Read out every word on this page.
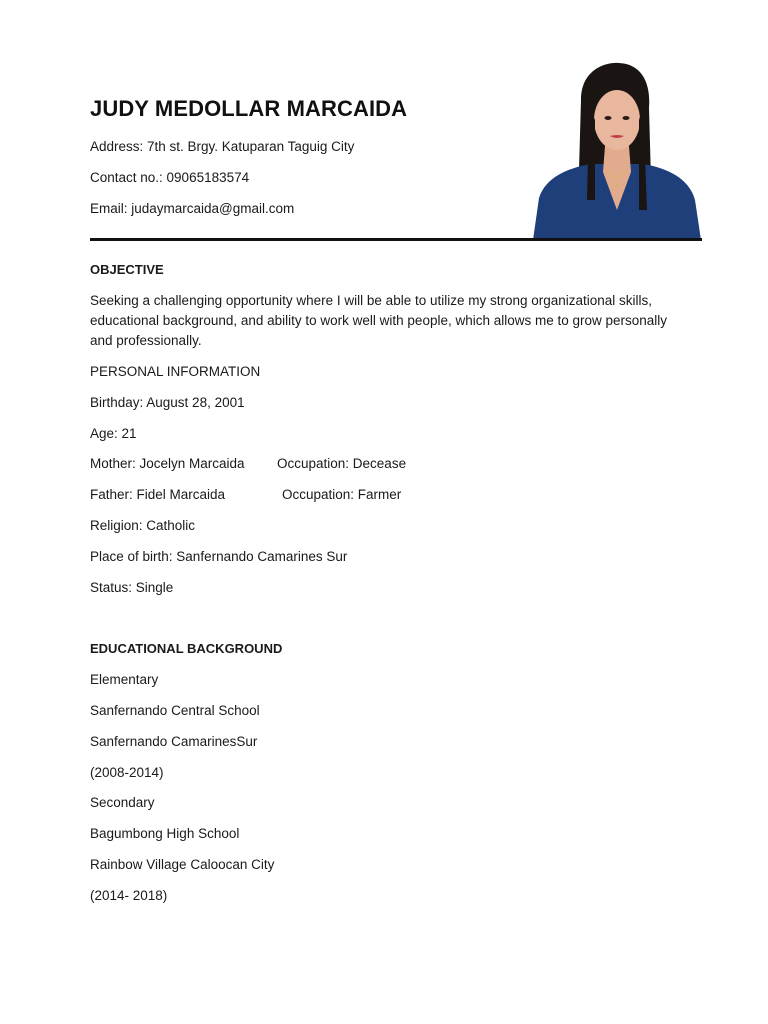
JUDY MEDOLLAR MARCAIDA
Address: 7th st. Brgy. Katuparan Taguig City
Contact no.: 09065183574
Email: judaymarcaida@gmail.com
OBJECTIVE
Seeking a challenging opportunity where I will be able to utilize my strong organizational skills, educational background, and ability to work well with people, which allows me to grow personally and professionally.
PERSONAL INFORMATION
Birthday: August 28, 2001
Age: 21
Mother: Jocelyn Marcaida Occupation: Decease
Father: Fidel Marcaida	Occupation: Farmer
Religion: Catholic
Place of birth: Sanfernando Camarines Sur
Status: Single
EDUCATIONAL BACKGROUND
Elementary
Sanfernando Central School
Sanfernando CamarinesSur
(2008-2014)
Secondary
Bagumbong High School
Rainbow Village Caloocan City
(2014- 2018)
